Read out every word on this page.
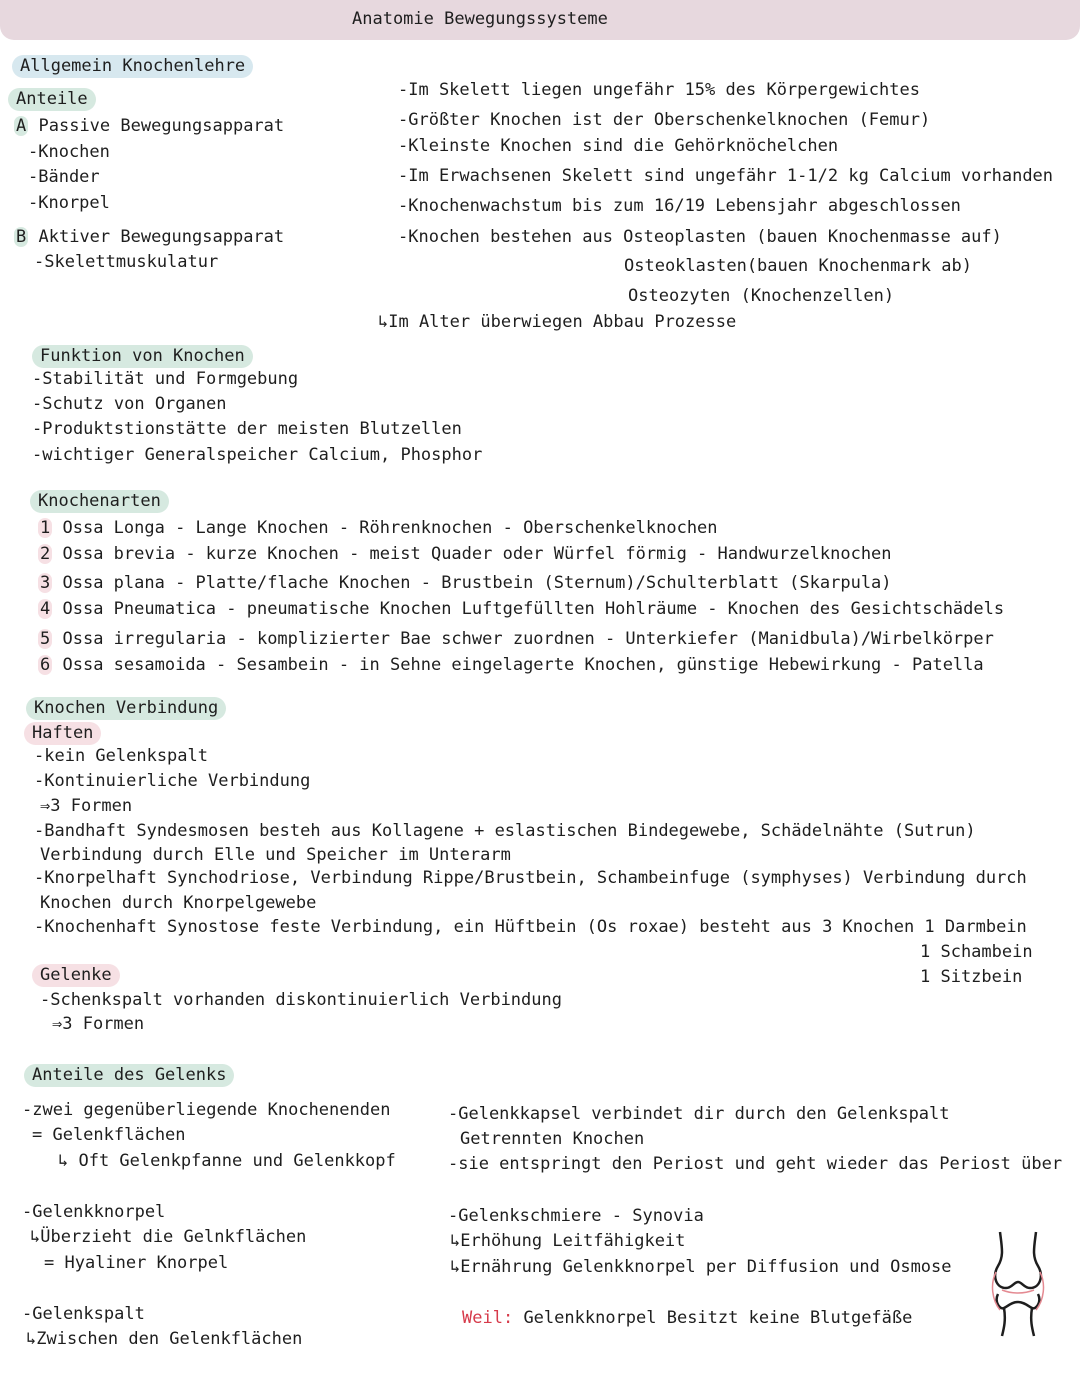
Anatomie Bewegungssysteme
Allgemein Knochenlehre
Anteile
A Passive Bewegungsapparat
-Knochen
-Bänder
-Knorpel
B Aktiver Bewegungsapparat
-Skelettmuskulatur
-Im Skelett liegen ungefähr 15% des Körpergewichtes
-Größter Knochen ist der Oberschenkelknochen (Femur)
-Kleinste Knochen sind die Gehörknöchelchen
-Im Erwachsenen Skelett sind ungefähr 1-1/2 kg Calcium vorhanden
-Knochenwachstum bis zum 16/19 Lebensjahr abgeschlossen
-Knochen bestehen aus Osteoplasten (bauen Knochenmasse auf)
Osteoklasten(bauen Knochenmark ab)
Osteozyten (Knochenzellen)
↳Im Alter überwiegen Abbau Prozesse
Funktion von Knochen
-Stabilität und Formgebung
-Schutz von Organen
-Produktstionstätte der meisten Blutzellen
-wichtiger Generalspeicher Calcium, Phosphor
Knochenarten
1 Ossa Longa - Lange Knochen - Röhrenknochen - Oberschenkelknochen
2 Ossa brevia - kurze Knochen - meist Quader oder Würfel förmig - Handwurzelknochen
3 Ossa plana - Platte/flache Knochen - Brustbein (Sternum)/Schulterblatt (Skarpula)
4 Ossa Pneumatica - pneumatische Knochen Luftgefüllten Hohlräume - Knochen des Gesichtschädels
5 Ossa irregularia - komplizierter Bae schwer zuordnen - Unterkiefer (Manidbula)/Wirbelkörper
6 Ossa sesamoida - Sesambein - in Sehne eingelagerte Knochen, günstige Hebewirkung - Patella
Knochen Verbindung
Haften
-kein Gelenkspalt
-Kontinuierliche Verbindung
⇒3 Formen
-Bandhaft Syndesmosen besteh aus Kollagene + eslastischen Bindegewebe, Schädelnähte (Sutrun)
Verbindung durch Elle und Speicher im Unterarm
-Knorpelhaft Synchodriose, Verbindung Rippe/Brustbein, Schambeinfuge (symphyses) Verbindung durch
Knochen durch Knorpelgewebe
-Knochenhaft Synostose feste Verbindung, ein Hüftbein (Os roxae) besteht aus 3 Knochen 1 Darmbein
1 Schambein
1 Sitzbein
Gelenke
-Schenkspalt vorhanden diskontinuierlich Verbindung
⇒3 Formen
Anteile des Gelenks
-zwei gegenüberliegende Knochenenden
= Gelenkflächen
↳ Oft Gelenkpfanne und Gelenkkopf
-Gelenkknorpel
↳Überzieht die Gelnkflächen
= Hyaliner Knorpel
-Gelenkspalt
↳Zwischen den Gelenkflächen
-Gelenkkapsel verbindet dir durch den Gelenkspalt
Getrennten Knochen
-sie entspringt den Periost und geht wieder das Periost über
-Gelenkschmiere - Synovia
↳Erhöhung Leitfähigkeit
↳Ernährung Gelenkknorpel per Diffusion und Osmose
Weil: Gelenkknorpel Besitzt keine Blutgefäße
